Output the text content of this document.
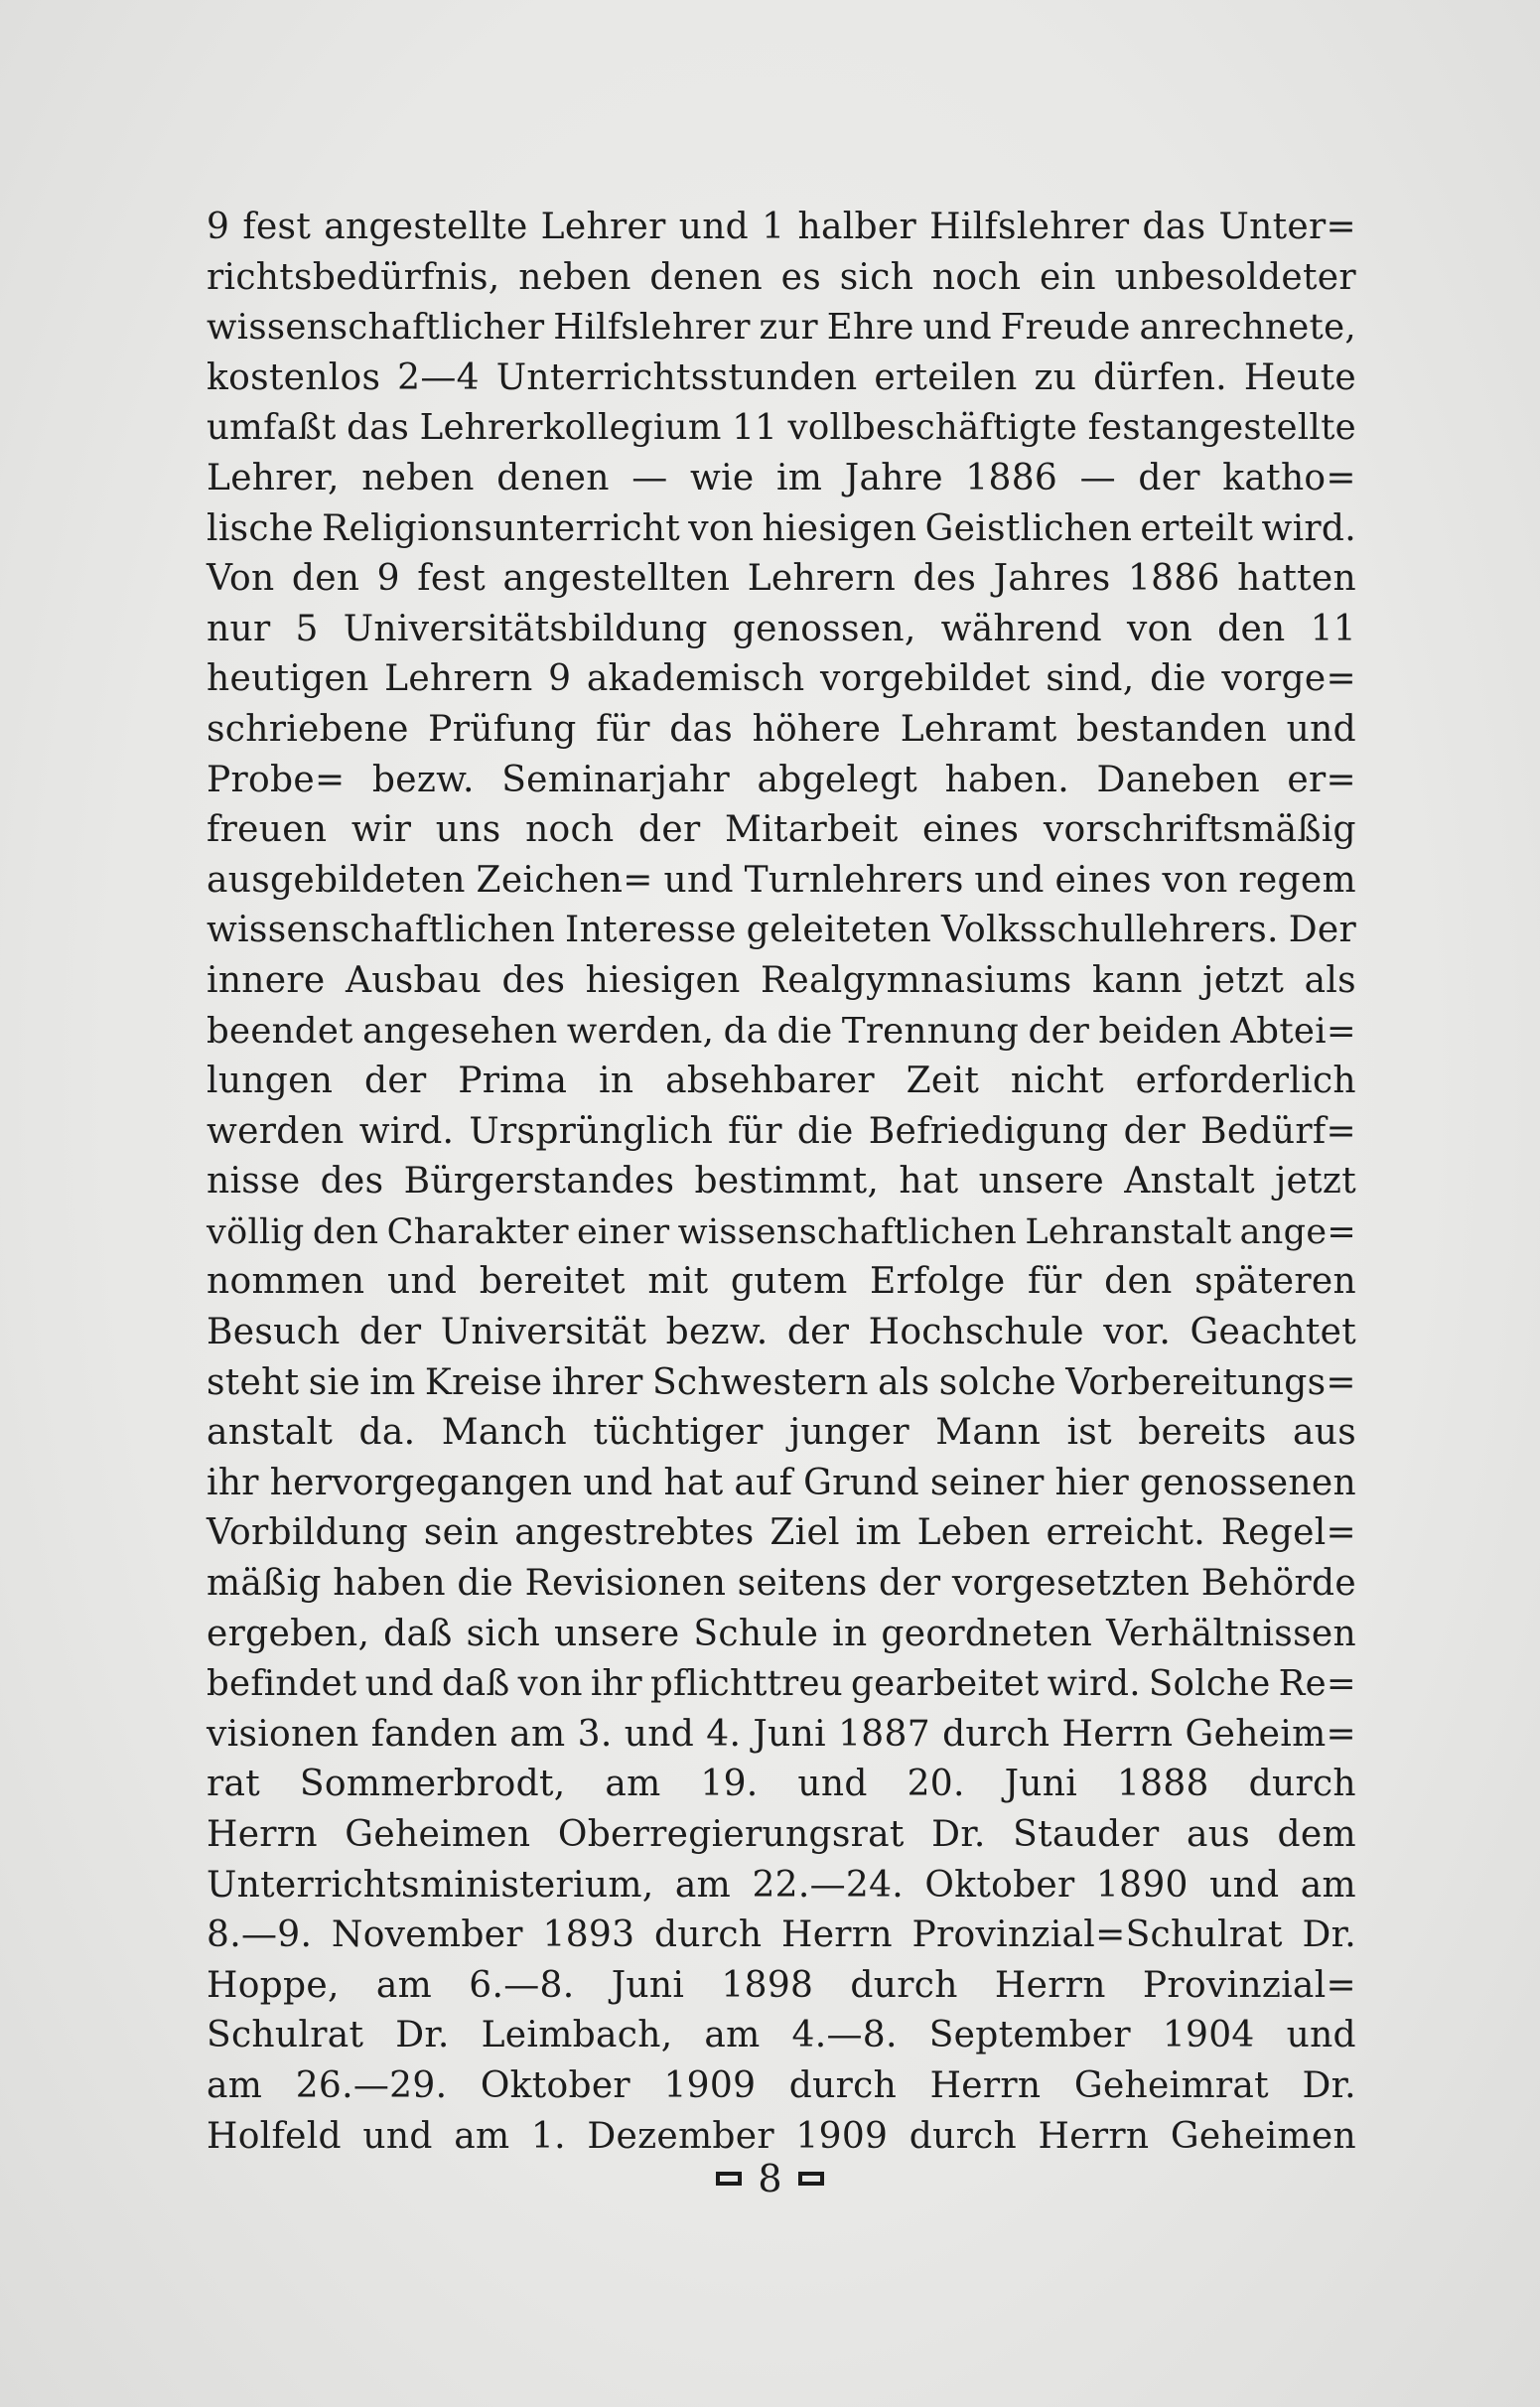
9 fest angestellte Lehrer und 1 halber Hilfslehrer das Unter=
richtsbedürfnis, neben denen es sich noch ein unbesoldeter
wissenschaftlicher Hilfslehrer zur Ehre und Freude anrechnete,
kostenlos 2—4 Unterrichtsstunden erteilen zu dürfen. Heute
umfaßt das Lehrerkollegium 11 vollbeschäftigte festangestellte
Lehrer, neben denen — wie im Jahre 1886 — der katho=
lische Religionsunterricht von hiesigen Geistlichen erteilt wird.
Von den 9 fest angestellten Lehrern des Jahres 1886 hatten
nur 5 Universitätsbildung genossen, während von den 11
heutigen Lehrern 9 akademisch vorgebildet sind, die vorge=
schriebene Prüfung für das höhere Lehramt bestanden und
Probe= bezw. Seminarjahr abgelegt haben. Daneben er=
freuen wir uns noch der Mitarbeit eines vorschriftsmäßig
ausgebildeten Zeichen= und Turnlehrers und eines von regem
wissenschaftlichen Interesse geleiteten Volksschullehrers. Der
innere Ausbau des hiesigen Realgymnasiums kann jetzt als
beendet angesehen werden, da die Trennung der beiden Abtei=
lungen der Prima in absehbarer Zeit nicht erforderlich
werden wird. Ursprünglich für die Befriedigung der Bedürf=
nisse des Bürgerstandes bestimmt, hat unsere Anstalt jetzt
völlig den Charakter einer wissenschaftlichen Lehranstalt ange=
nommen und bereitet mit gutem Erfolge für den späteren
Besuch der Universität bezw. der Hochschule vor. Geachtet
steht sie im Kreise ihrer Schwestern als solche Vorbereitungs=
anstalt da. Manch tüchtiger junger Mann ist bereits aus
ihr hervorgegangen und hat auf Grund seiner hier genossenen
Vorbildung sein angestrebtes Ziel im Leben erreicht. Regel=
mäßig haben die Revisionen seitens der vorgesetzten Behörde
ergeben, daß sich unsere Schule in geordneten Verhältnissen
befindet und daß von ihr pflichttreu gearbeitet wird. Solche Re=
visionen fanden am 3. und 4. Juni 1887 durch Herrn Geheim=
rat Sommerbrodt, am 19. und 20. Juni 1888 durch
Herrn Geheimen Oberregierungsrat Dr. Stauder aus dem
Unterrichtsministerium, am 22.—24. Oktober 1890 und am
8.—9. November 1893 durch Herrn Provinzial=Schulrat Dr.
Hoppe, am 6.—8. Juni 1898 durch Herrn Provinzial=
Schulrat Dr. Leimbach, am 4.—8. September 1904 und
am 26.—29. Oktober 1909 durch Herrn Geheimrat Dr.
Holfeld und am 1. Dezember 1909 durch Herrn Geheimen
8
